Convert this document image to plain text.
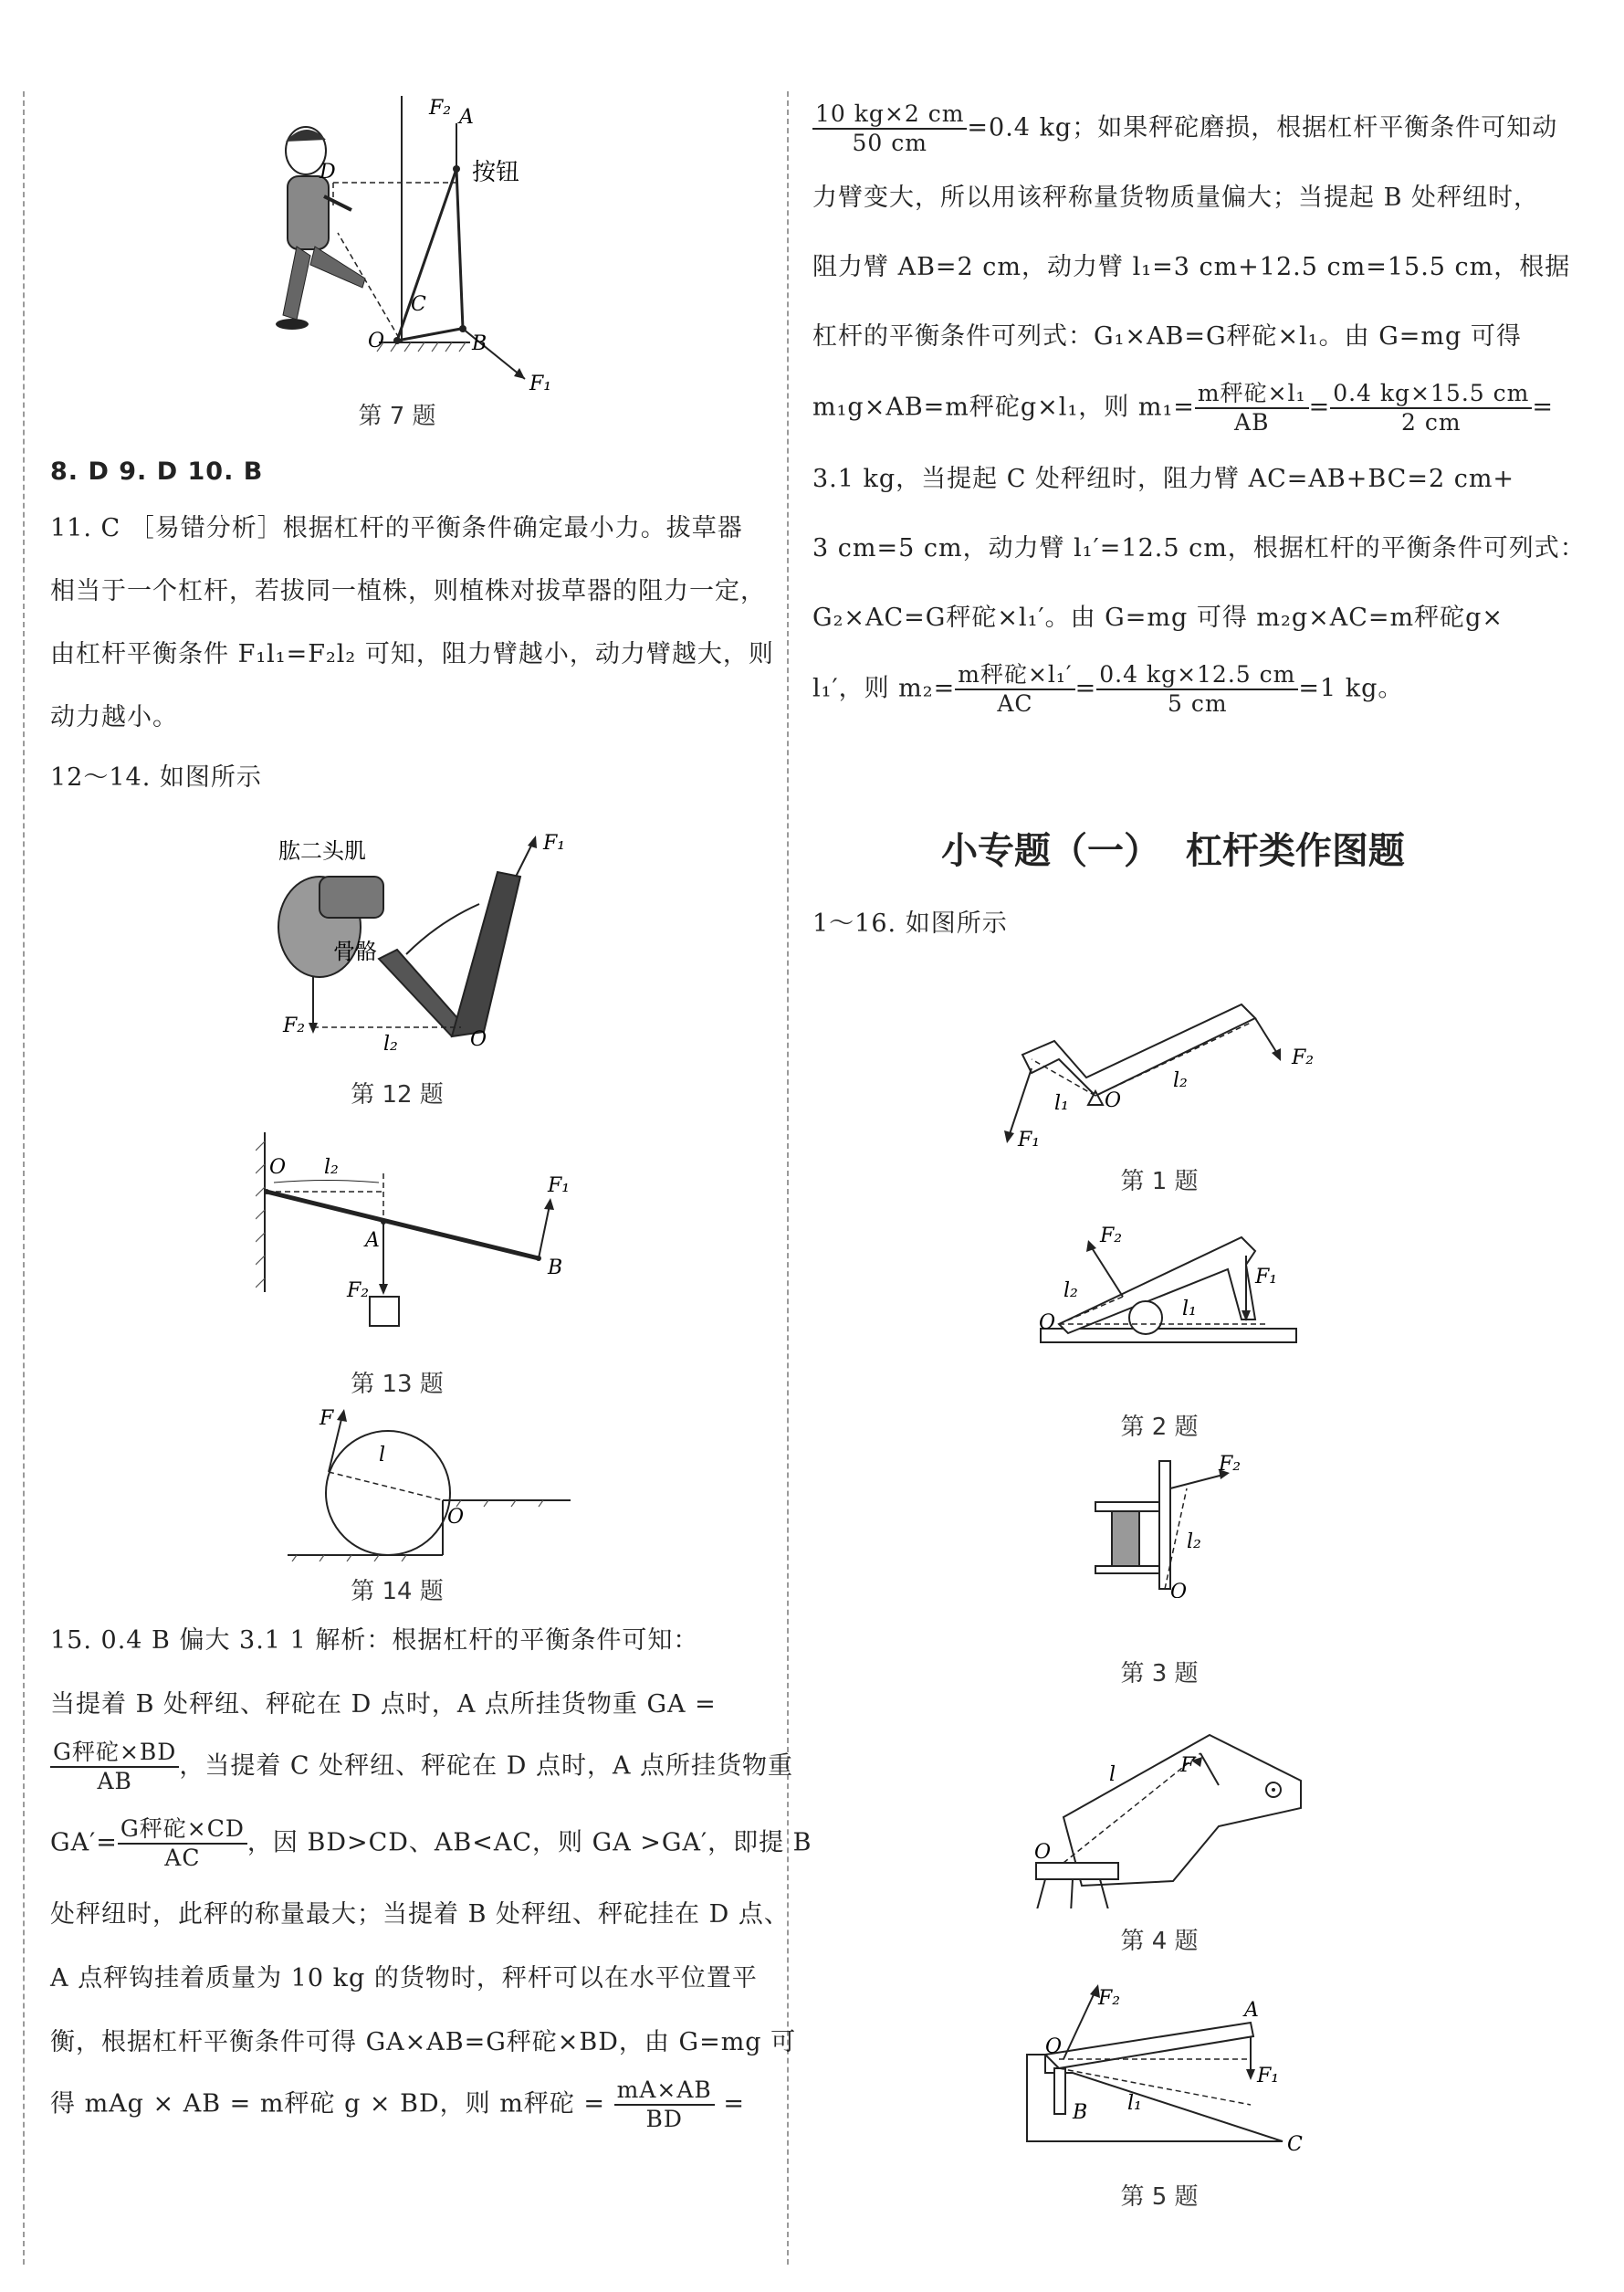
F₂ A
按钮
D
C
O	B
F₁
第 7 题

8. D 9. D 10. B

11. C ［易错分析］根据杠杆的平衡条件确定最小力。拔草器

相当于一个杠杆，若拔同一植株，则植株对拔草器的阻力一定，

由杠杆平衡条件 F₁l₁=F₂l₂ 可知，阻力臂越小，动力臂越大，则

动力越小。

12～14. 如图所示

肱二头肌
骨骼
F₁
F₂
l₂	O
第 12 题
O l₂
F₁
A
B
F₂
第 13 题
F
l
O
第 14 题

15. 0.4 B 偏大 3.1 1 解析：根据杠杆的平衡条件可知：

当提着 B 处秤纽、秤砣在 D 点时，A 点所挂货物重 GA =

$\frac{\text{G秤砣×BD}}{AB}$ ，当提着 C 处秤纽、秤砣在 D 点时，A 点所挂货物重

$GA'= \frac{\text{G秤砣×CD}}{AC}$ ，因 BD>CD、AB<AC，则 GA >GA′，即提 B

处秤纽时，此秤的称量最大；当提着 B 处秤纽、秤砣挂在 D 点、

A 点秤钩挂着质量为 10 kg 的货物时，秤杆可以在水平位置平

衡，根据杠杆平衡条件可得 GA×AB=G秤砣×BD，由 G=mg 可

得 mAg × AB = m秤砣 g × BD，则 m秤砣 = $\frac{mA\times AB}{BD}$ =

$\frac{10 kg\times 2 cm}{50 cm} =0.4$ kg；如果秤砣磨损，根据杠杆平衡条件可知动

力臂变大，所以用该秤称量货物质量偏大；当提起 B 处秤纽时，

阻力臂 AB=2 cm，动力臂 l₁=3 cm+12.5 cm=15.5 cm，根据

杠杆的平衡条件可列式：G₁×AB=G秤砣×l₁。由 G=mg 可得

m₁g×AB=m秤砣g×l₁，则 $m_1= \frac{\text{m秤砣×l₁}}{AB} = \frac{0.4 kg\times 15.5 cm}{2 cm}$ =

3.1 kg，当提起 C 处秤纽时，阻力臂 AC=AB+BC=2 cm+

3 cm=5 cm，动力臂 l₁′=12.5 cm，根据杠杆的平衡条件可列式：

G₂×AC=G秤砣×l₁′。由 G=mg 可得 m₂g×AC=m秤砣g×

l₁′，则 $m_2= \frac{\text{m秤砣×l₁′}}{AC} = \frac{0.4 kg\times 12.5 cm}{5 cm} =1$ kg。

小专题（一）  杠杆类作图题

1～16. 如图所示

F₂
O
l₁
l₂
F₁
第 1 题
F₂
F₁
l₂
l₁
O
第 2 题
F₂
l₂
O
第 3 题
l	F
O
第 4 题
F₂
A
O
B l₁
F₁
C
第 5 题
